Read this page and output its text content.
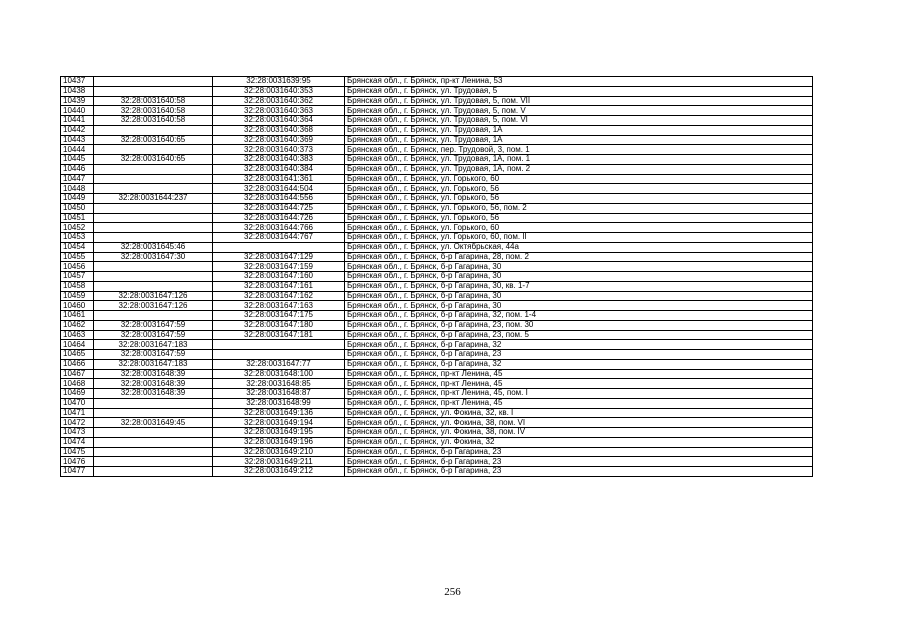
10437		32:28:0031639:95	Брянская обл., г. Брянск, пр-кт Ленина, 53
10438		32:28:0031640:353	Брянская обл., г. Брянск, ул. Трудовая, 5
10439	32:28:0031640:58	32:28:0031640:362	Брянская обл., г. Брянск, ул. Трудовая, 5, пом. VII
10440	32:28:0031640:58	32:28:0031640:363	Брянская обл., г. Брянск, ул. Трудовая, 5, пом. V
10441	32:28:0031640:58	32:28:0031640:364	Брянская обл., г. Брянск, ул. Трудовая, 5, пом. VI
10442		32:28:0031640:368	Брянская обл., г. Брянск, ул. Трудовая, 1А
10443	32:28:0031640:65	32:28:0031640:369	Брянская обл., г. Брянск, ул. Трудовая, 1А
10444		32:28:0031640:373	Брянская обл., г. Брянск, пер. Трудовой, 3, пом. 1
10445	32:28:0031640:65	32:28:0031640:383	Брянская обл., г. Брянск, ул. Трудовая, 1А, пом. 1
10446		32:28:0031640:384	Брянская обл., г. Брянск, ул. Трудовая, 1А, пом. 2
10447		32:28:0031641:361	Брянская обл., г. Брянск, ул. Горького, 60
10448		32:28:0031644:504	Брянская обл., г. Брянск, ул. Горького, 56
10449	32:28:0031644:237	32:28:0031644:556	Брянская обл., г. Брянск, ул. Горького, 56
10450		32:28:0031644:725	Брянская обл., г. Брянск, ул. Горького, 56, пом. 2
10451		32:28:0031644:726	Брянская обл., г. Брянск, ул. Горького, 56
10452		32:28:0031644:766	Брянская обл., г. Брянск, ул. Горького, 60
10453		32:28:0031644:767	Брянская обл., г. Брянск, ул. Горького, 60, пом. II
10454	32:28:0031645:46		Брянская обл., г. Брянск, ул. Октябрьская, 44а
10455	32:28:0031647:30	32:28:0031647:129	Брянская обл., г. Брянск, б-р Гагарина, 28, пом. 2
10456		32:28:0031647:159	Брянская обл., г. Брянск, б-р Гагарина, 30
10457		32:28:0031647:160	Брянская обл., г. Брянск, б-р Гагарина, 30
10458		32:28:0031647:161	Брянская обл., г. Брянск, б-р Гагарина, 30, кв. 1-7
10459	32:28:0031647:126	32:28:0031647:162	Брянская обл., г. Брянск, б-р Гагарина, 30
10460	32:28:0031647:126	32:28:0031647:163	Брянская обл., г. Брянск, б-р Гагарина, 30
10461		32:28:0031647:175	Брянская обл., г. Брянск, б-р Гагарина, 32, пом. 1-4
10462	32:28:0031647:59	32:28:0031647:180	Брянская обл., г. Брянск, б-р Гагарина, 23, пом. 30
10463	32:28:0031647:59	32:28:0031647:181	Брянская обл., г. Брянск, б-р Гагарина, 23, пом. 5
10464	32:28:0031647:183		Брянская обл., г. Брянск, б-р Гагарина, 32
10465	32:28:0031647:59		Брянская обл., г. Брянск, б-р Гагарина, 23
10466	32:28:0031647:183	32:28:0031647:77	Брянская обл., г. Брянск, б-р Гагарина, 32
10467	32:28:0031648:39	32:28:0031648:100	Брянская обл., г. Брянск, пр-кт Ленина, 45
10468	32:28:0031648:39	32:28:0031648:85	Брянская обл., г. Брянск, пр-кт Ленина, 45
10469	32:28:0031648:39	32:28:0031648:87	Брянская обл., г. Брянск, пр-кт Ленина, 45, пом. I
10470		32:28:0031648:99	Брянская обл., г. Брянск, пр-кт Ленина, 45
10471		32:28:0031649:136	Брянская обл., г. Брянск, ул. Фокина, 32, кв. I
10472	32:28:0031649:45	32:28:0031649:194	Брянская обл., г. Брянск, ул. Фокина, 38, пом. VI
10473		32:28:0031649:195	Брянская обл., г. Брянск, ул. Фокина, 38, пом. IV
10474		32:28:0031649:196	Брянская обл., г. Брянск, ул. Фокина, 32
10475		32:28:0031649:210	Брянская обл., г. Брянск, б-р Гагарина, 23
10476		32:28:0031649:211	Брянская обл., г. Брянск, б-р Гагарина, 23
10477		32:28:0031649:212	Брянская обл., г. Брянск, б-р Гагарина, 23
256
